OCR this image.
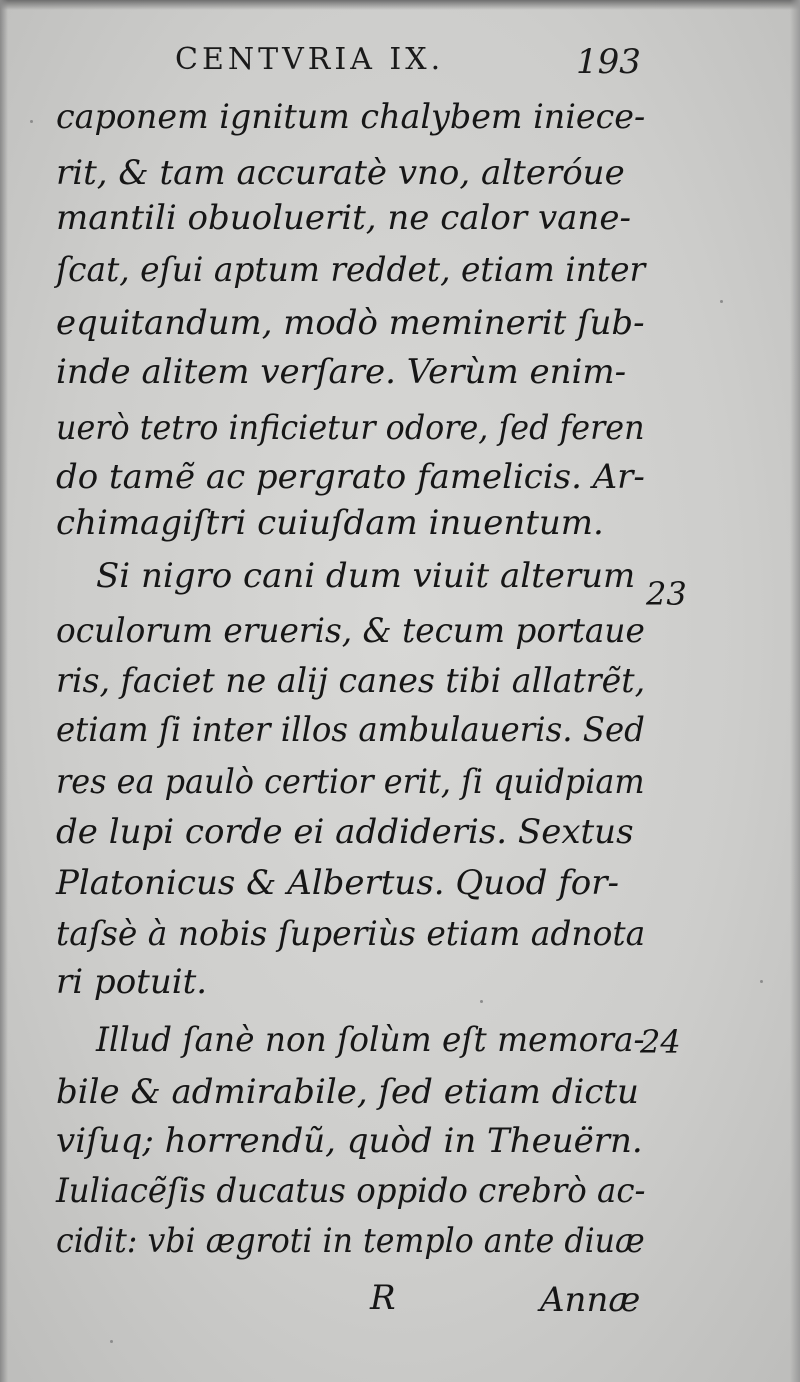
CENTVRIA IX.	193
caponem ignitum chalybem iniece-
rit, & tam accuratè vno, alteróue
mantili obuoluerit, ne calor vane-
ſcat, eſui aptum reddet, etiam inter
equitandum, modò meminerit ſub-
inde alitem verſare. Verùm enim-
uerò tetro inficietur odore, ſed feren
do tamẽ ac pergrato famelicis. Ar-
chimagiſtri cuiuſdam inuentum.
Si nigro cani dum viuit alterum 23
oculorum erueris, & tecum portaue
ris, faciet ne alij canes tibi allatrẽt,
etiam ſi inter illos ambulaueris. Sed
res ea paulò certior erit, ſi quidpiam
de lupi corde ei addideris. Sextus
Platonicus & Albertus. Quod for-
taſsè à nobis ſuperiùs etiam adnota
ri potuit.
Illud ſanè non ſolùm eſt memora-
24
bile & admirabile, ſed etiam dictu
viſuq; horrendũ, quòd in Theuërn.
Iuliacẽſis ducatus oppido crebrò ac-
cidit: vbi ægroti in templo ante diuæ
R	Annæ
